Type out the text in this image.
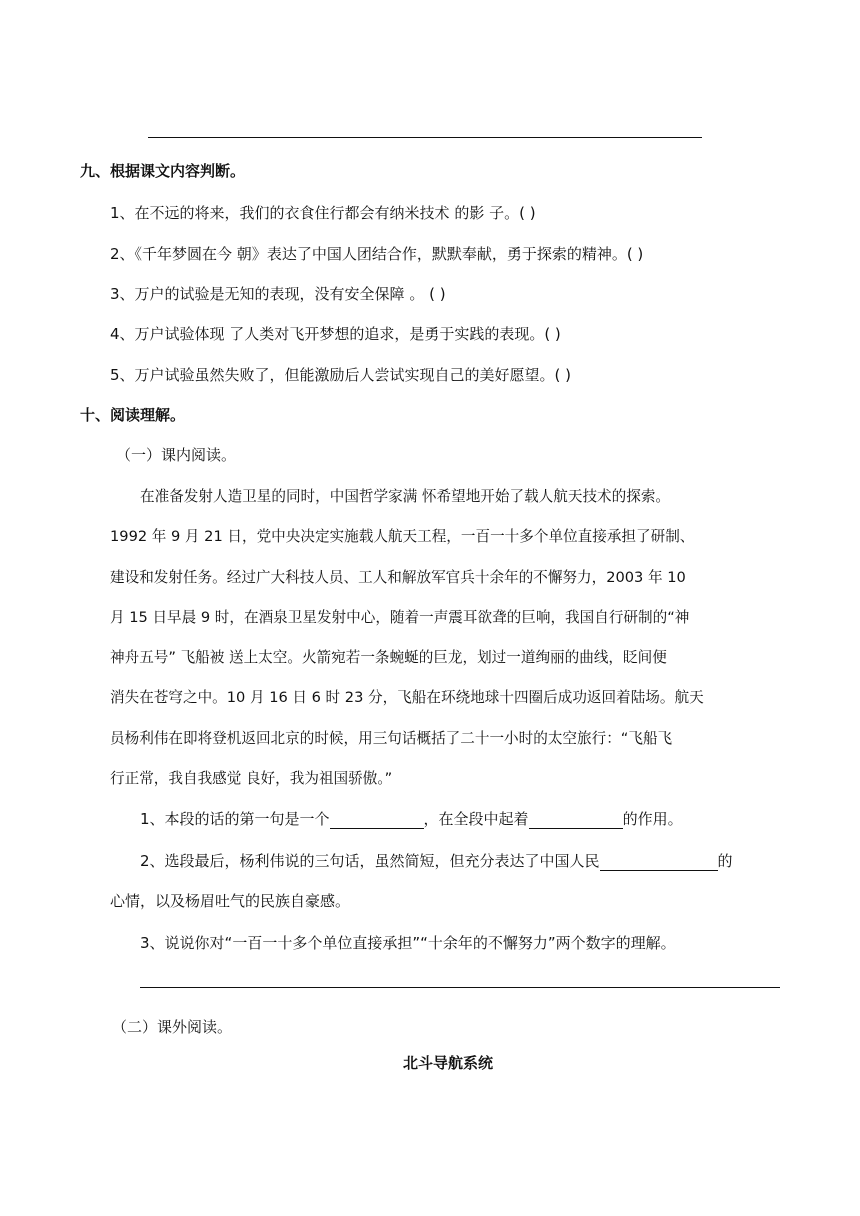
九、根据课文内容判断。
1、在不远的将来，我们的衣食住行都会有纳米技术 的影 子。( )
2、《千年梦圆在今 朝》表达了中国人团结合作，默默奉献，勇于探索的精神。( )
3、万户的试验是无知的表现，没有安全保障 。 ( )
4、万户试验体现 了人类对飞开梦想的追求，是勇于实践的表现。( )
5、万户试验虽然失败了，但能激励后人尝试实现自己的美好愿望。( )
十、阅读理解。
（一）课内阅读。
在准备发射人造卫星的同时，中国哲学家满 怀希望地开始了载人航天技术的探索。
1992 年 9 月 21 日，党中央决定实施载人航天工程，一百一十多个单位直接承担了研制、
建设和发射任务。经过广大科技人员、工人和解放军官兵十余年的不懈努力，2003 年 10
月 15 日早晨 9 时，在酒泉卫星发射中心，随着一声震耳欲聋的巨响，我国自行研制的“神
神舟五号” 飞船被 送上太空。火箭宛若一条蜿蜒的巨龙，划过一道绚丽的曲线，眨间便
消失在苍穹之中。10 月 16 日 6 时 23 分，飞船在环绕地球十四圈后成功返回着陆场。航天
员杨利伟在即将登机返回北京的时候，用三句话概括了二十一小时的太空旅行：“飞船飞
行正常，我自我感觉 良好，我为祖国骄傲。”
1、本段的话的第一句是一个	，在全段中起着	的作用。
2、选段最后，杨利伟说的三句话，虽然简短，但充分表达了中国人民	的
心情，以及杨眉吐气的民族自豪感。
3、说说你对“一百一十多个单位直接承担”“十余年的不懈努力”两个数字的理解。
（二）课外阅读。
北斗导航系统
